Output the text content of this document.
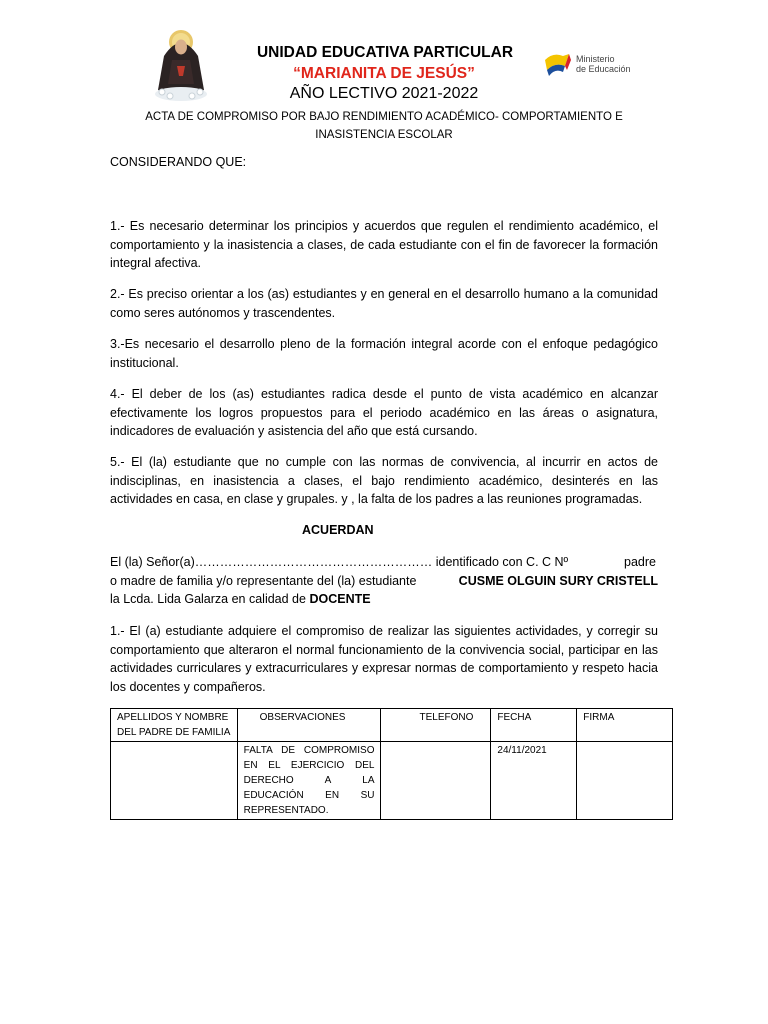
Ministerio
de Educación
UNIDAD EDUCATIVA PARTICULAR
“MARIANITA DE JESÚS”
AÑO LECTIVO 2021-2022
ACTA DE COMPROMISO POR BAJO RENDIMIENTO ACADÉMICO- COMPORTAMIENTO E
INASISTENCIA ESCOLAR
CONSIDERANDO QUE:
1.- Es necesario determinar los principios y acuerdos que regulen el rendimiento académico, el comportamiento y la inasistencia a clases, de cada estudiante con el fin de favorecer la formación integral afectiva.
2.- Es preciso orientar a los (as) estudiantes y en general en el desarrollo humano a la comunidad como seres autónomos y trascendentes.
3.-Es necesario el desarrollo pleno de la formación integral acorde con el enfoque pedagógico institucional.
4.- El deber de los (as) estudiantes radica desde el punto de vista académico en alcanzar efectivamente los logros propuestos para el periodo académico en las áreas o asignatura, indicadores de evaluación y asistencia del año que está cursando.
5.- El (la) estudiante que no cumple con las normas de convivencia, al incurrir en actos de indisciplinas, en inasistencia a clases, el bajo rendimiento académico, desinterés en las actividades en casa, en clase y grupales. y , la falta de los padres a las reuniones programadas.
ACUERDAN
El (la) Señor(a)………………………………………………… identificado con C. C Nº	padre
o madre de familia y/o representante del (la) estudiante	CUSME OLGUIN SURY CRISTELL
la Lcda. Lida Galarza en calidad de DOCENTE
1.- El (a) estudiante adquiere el compromiso de realizar las siguientes actividades, y corregir su comportamiento que alteraron el normal funcionamiento de la convivencia social, participar en las actividades curriculares y extracurriculares y expresar normas de comportamiento y respeto hacia los docentes y compañeros.
APELLIDOS Y NOMBRE DEL PADRE DE FAMILIA	OBSERVACIONES	TELEFONO	FECHA	FIRMA
	FALTA DE COMPROMISO EN EL EJERCICIO DEL DERECHO A LA EDUCACIÓN EN SU REPRESENTADO.		24/11/2021	
